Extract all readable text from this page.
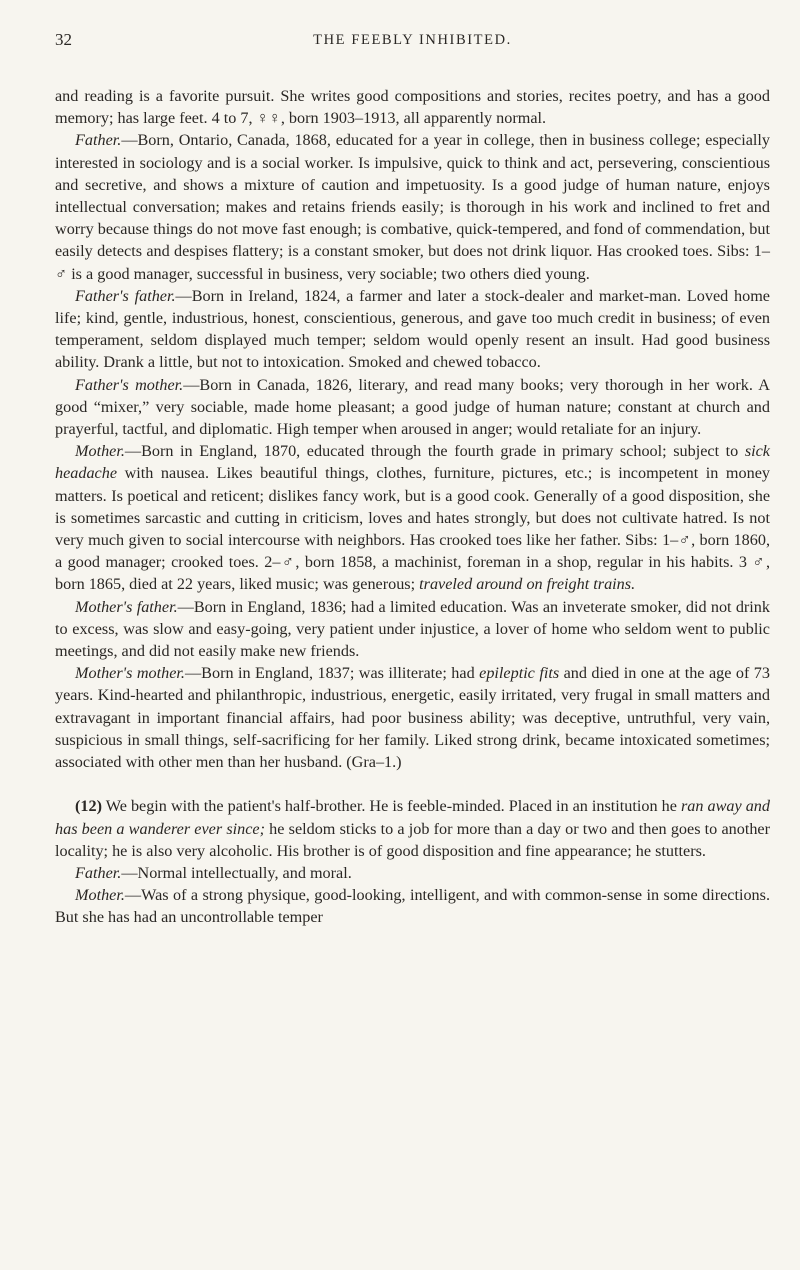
32	THE FEEBLY INHIBITED.

and reading is a favorite pursuit. She writes good compositions and stories, recites poetry, and has a good memory; has large feet. 4 to 7, ♀♀, born 1903–1913, all apparently normal.

Father.—Born, Ontario, Canada, 1868, educated for a year in college, then in business college; especially interested in sociology and is a social worker. Is impulsive, quick to think and act, persevering, conscientious and secretive, and shows a mixture of caution and impetuosity. Is a good judge of human nature, enjoys intellectual conversation; makes and retains friends easily; is thorough in his work and inclined to fret and worry because things do not move fast enough; is combative, quick-tempered, and fond of commendation, but easily detects and despises flattery; is a constant smoker, but does not drink liquor. Has crooked toes. Sibs: 1–♂ is a good manager, successful in business, very sociable; two others died young.

Father's father.—Born in Ireland, 1824, a farmer and later a stock-dealer and market-man. Loved home life; kind, gentle, industrious, honest, conscientious, generous, and gave too much credit in business; of even temperament, seldom displayed much temper; seldom would openly resent an insult. Had good business ability. Drank a little, but not to intoxication. Smoked and chewed tobacco.

Father's mother.—Born in Canada, 1826, literary, and read many books; very thorough in her work. A good “mixer,” very sociable, made home pleasant; a good judge of human nature; constant at church and prayerful, tactful, and diplomatic. High temper when aroused in anger; would retaliate for an injury.

Mother.—Born in England, 1870, educated through the fourth grade in primary school; subject to sick headache with nausea. Likes beautiful things, clothes, furniture, pictures, etc.; is incompetent in money matters. Is poetical and reticent; dislikes fancy work, but is a good cook. Generally of a good disposition, she is sometimes sarcastic and cutting in criticism, loves and hates strongly, but does not cultivate hatred. Is not very much given to social intercourse with neighbors. Has crooked toes like her father. Sibs: 1–♂, born 1860, a good manager; crooked toes. 2–♂, born 1858, a machinist, foreman in a shop, regular in his habits. 3 ♂, born 1865, died at 22 years, liked music; was generous; traveled around on freight trains.

Mother's father.—Born in England, 1836; had a limited education. Was an inveterate smoker, did not drink to excess, was slow and easy-going, very patient under injustice, a lover of home who seldom went to public meetings, and did not easily make new friends.

Mother's mother.—Born in England, 1837; was illiterate; had epileptic fits and died in one at the age of 73 years. Kind-hearted and philanthropic, industrious, energetic, easily irritated, very frugal in small matters and extravagant in important financial affairs, had poor business ability; was deceptive, untruthful, very vain, suspicious in small things, self-sacrificing for her family. Liked strong drink, became intoxicated sometimes; associated with other men than her husband. (Gra–1.)

(12) We begin with the patient's half-brother. He is feeble-minded. Placed in an institution he ran away and has been a wanderer ever since; he seldom sticks to a job for more than a day or two and then goes to another locality; he is also very alcoholic. His brother is of good disposition and fine appearance; he stutters.

Father.—Normal intellectually, and moral.

Mother.—Was of a strong physique, good-looking, intelligent, and with common-sense in some directions. But she has had an uncontrollable temper
